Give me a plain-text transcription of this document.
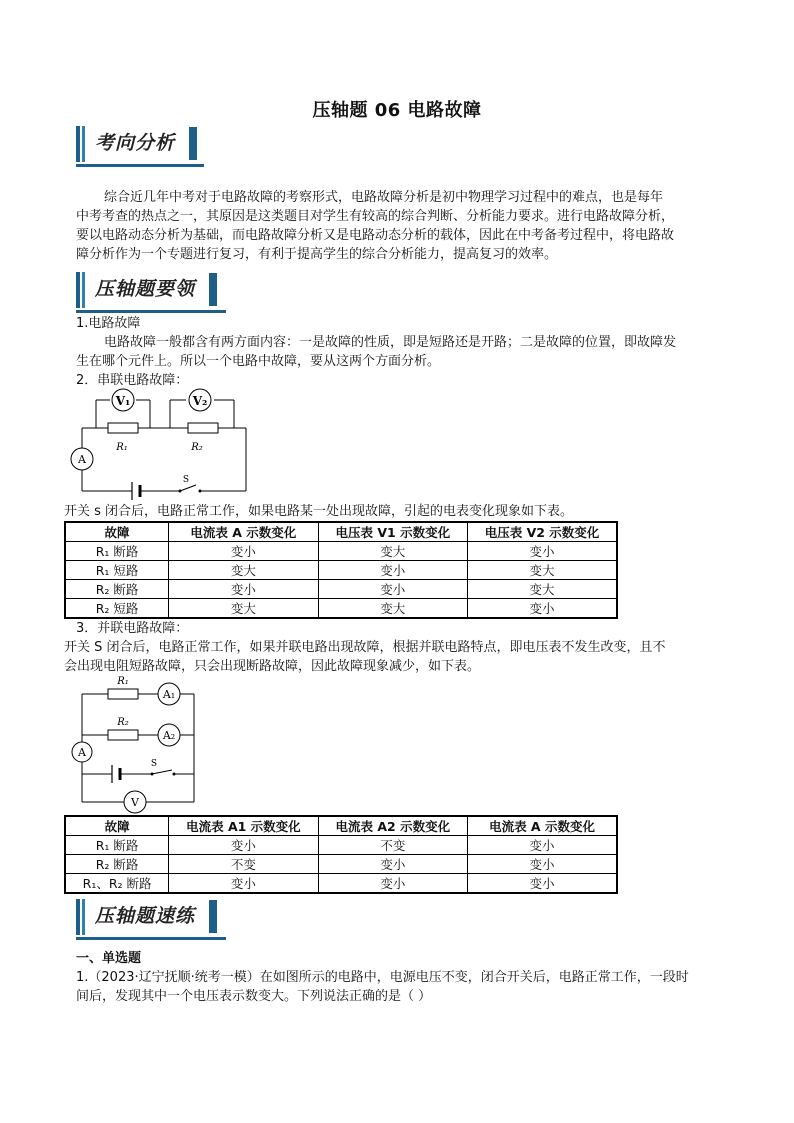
压轴题 06 电路故障
考向分析
综合近几年中考对于电路故障的考察形式，电路故障分析是初中物理学习过程中的难点，也是每年
中考考查的热点之一，其原因是这类题目对学生有较高的综合判断、分析能力要求。进行电路故障分析，
要以电路动态分析为基础，而电路故障分析又是电路动态分析的载体，因此在中考备考过程中，将电路故
障分析作为一个专题进行复习，有利于提高学生的综合分析能力，提高复习的效率。
压轴题要领
1.电路故障
电路故障一般都含有两方面内容：一是故障的性质，即是短路还是开路；二是故障的位置，即故障发
生在哪个元件上。所以一个电路中故障，要从这两个方面分析。
2．串联电路故障：
V₁	V₂
R₁	R₂
A
S
开关 s 闭合后，电路正常工作，如果电路某一处出现故障，引起的电表变化现象如下表。
故障	电流表 A 示数变化	电压表 V1 示数变化	电压表 V2 示数变化
R₁ 断路	变小	变大	变小
R₁ 短路	变大	变小	变大
R₂ 断路	变小	变小	变大
R₂ 短路	变大	变大	变小
3．并联电路故障：
开关 S 闭合后，电路正常工作，如果并联电路出现故障，根据并联电路特点，即电压表不发生改变，且不
会出现电阻短路故障，只会出现断路故障，因此故障现象减少，如下表。
R₁
R₂
A₁
A₂
A
S
V
故障	电流表 A1 示数变化	电流表 A2 示数变化	电流表 A 示数变化
R₁ 断路	变小	不变	变小
R₂ 断路	不变	变小	变小
R₁、R₂ 断路	变小	变小	变小
压轴题速练
一、单选题
1.（2023·辽宁抚顺·统考一模）在如图所示的电路中，电源电压不变，闭合开关后，电路正常工作，一段时
间后，发现其中一个电压表示数变大。下列说法正确的是（ ）
